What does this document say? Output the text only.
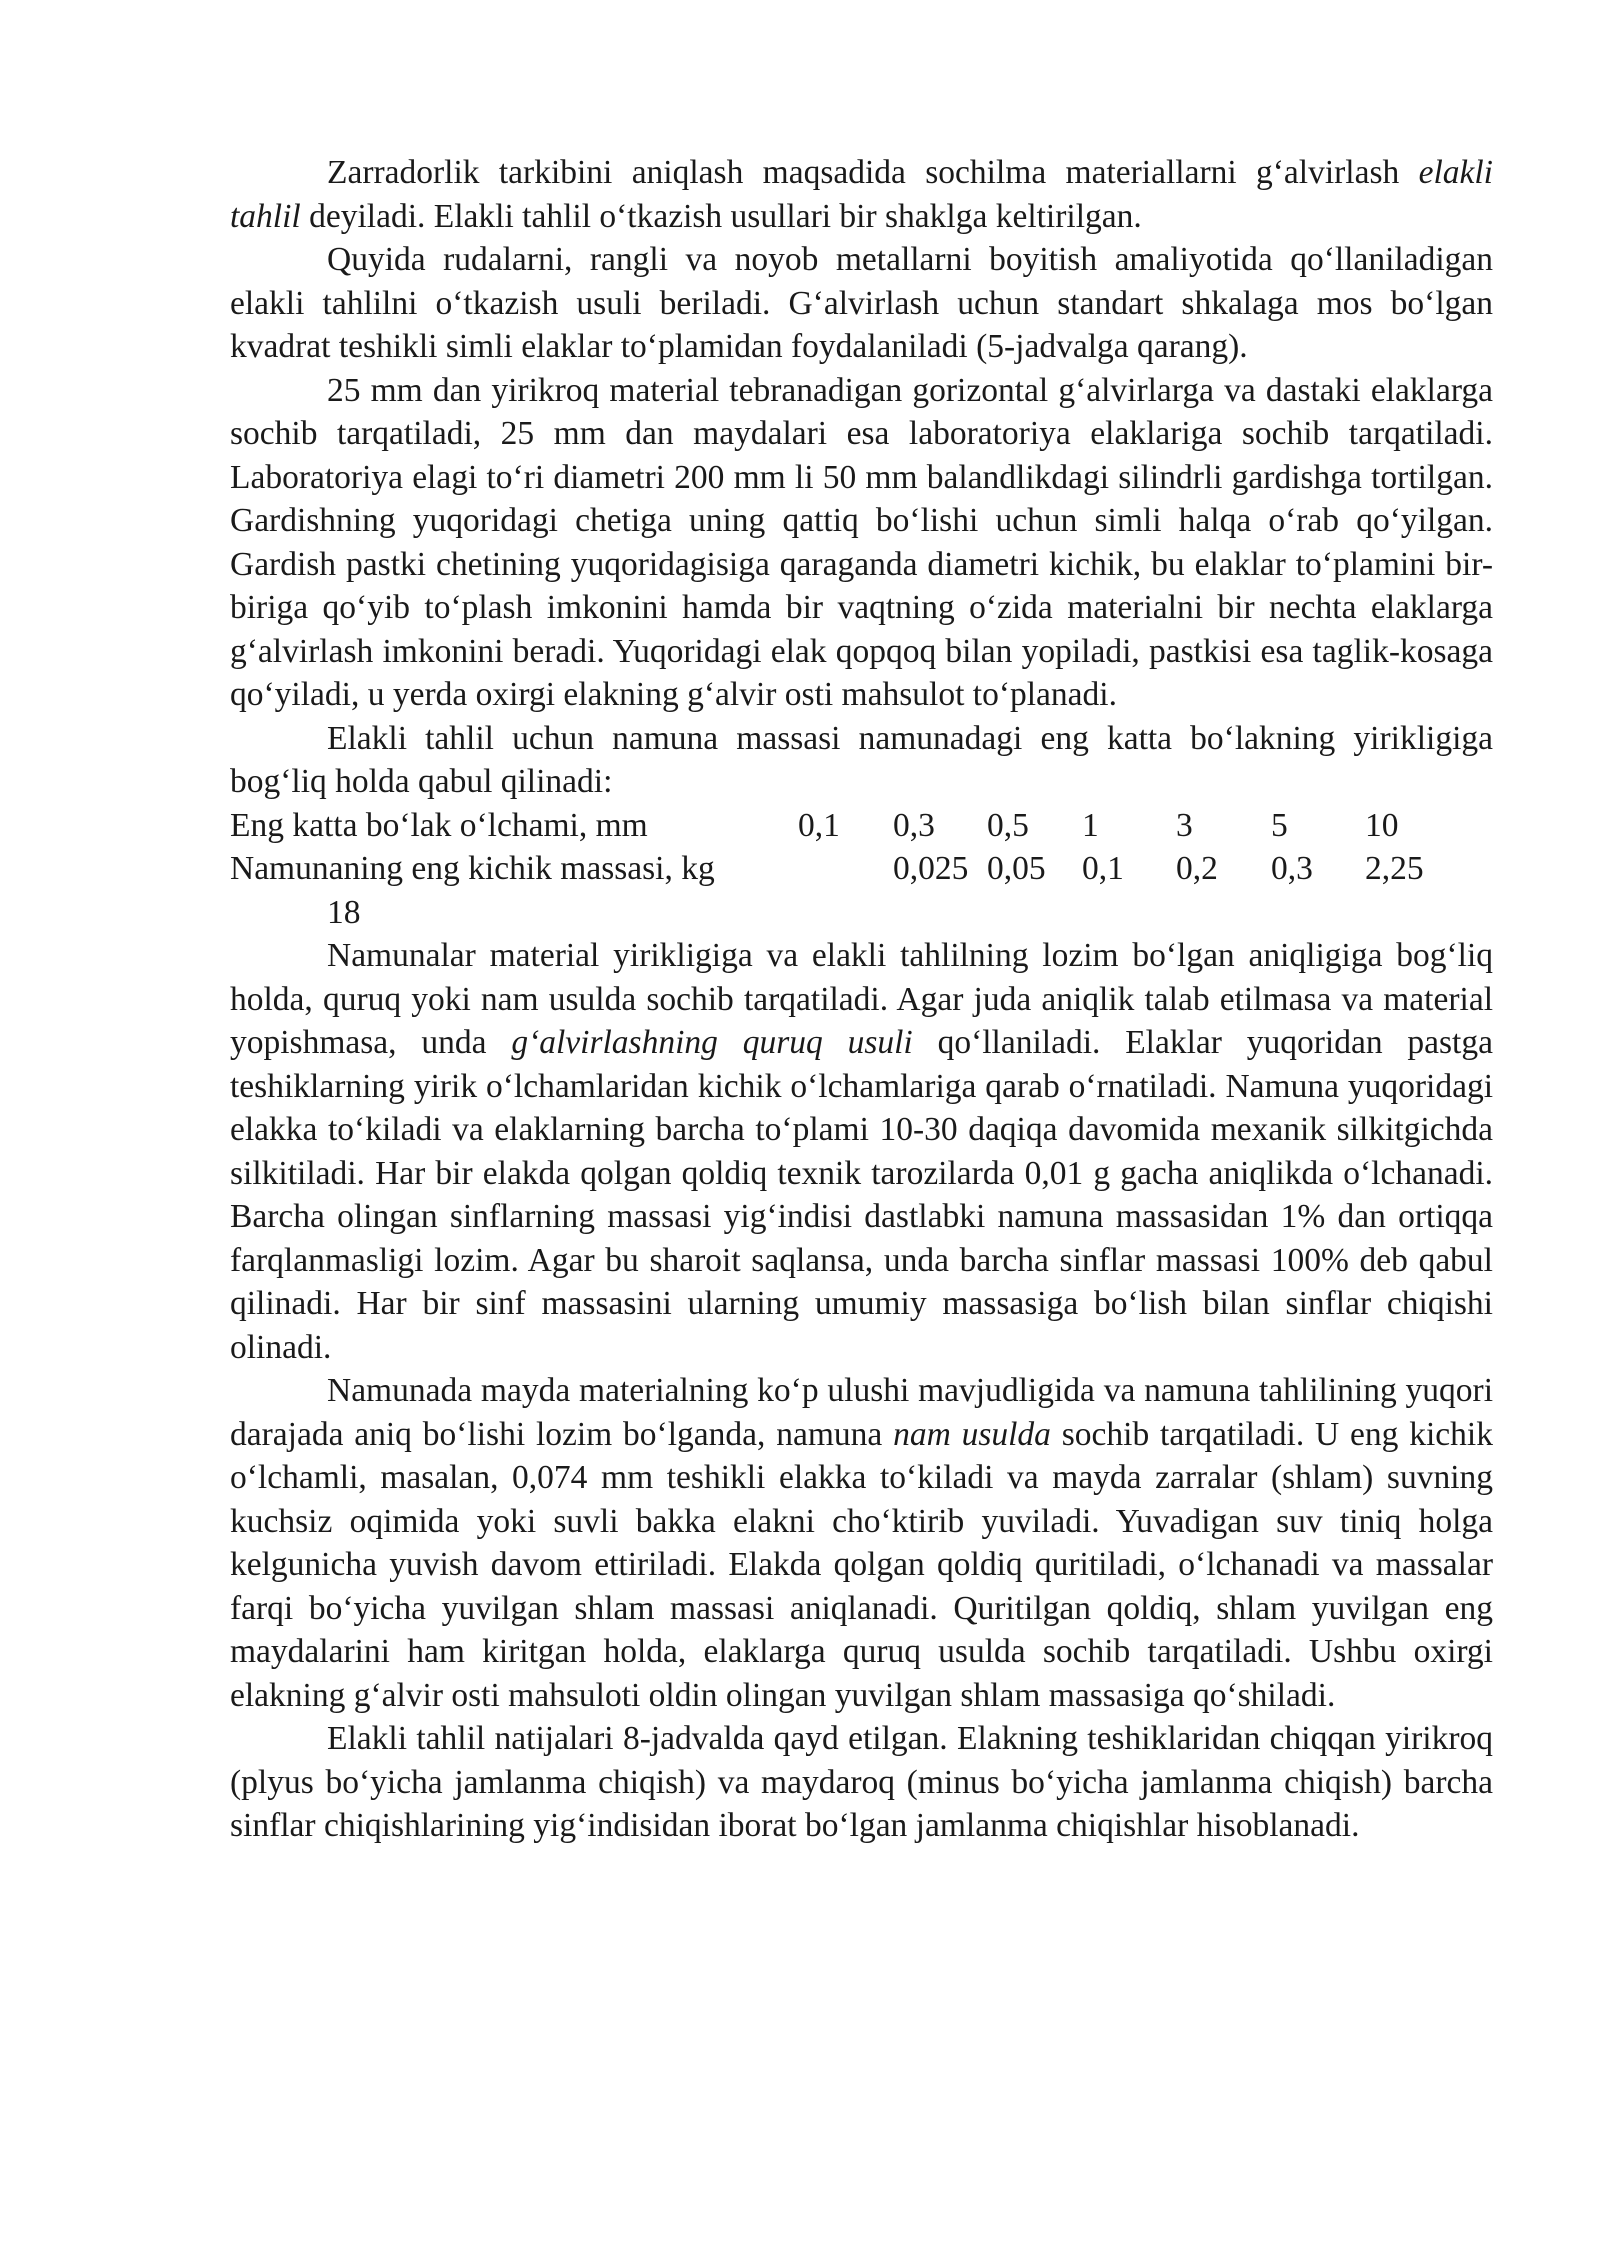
Zarradorlik tarkibini aniqlash maqsadida sochilma materiallarni g‘alvirlash elakli tahlil deyiladi. Elakli tahlil o‘tkazish usullari bir shaklga keltirilgan.

Quyida rudalarni, rangli va noyob metallarni boyitish amaliyotida qo‘llaniladigan elakli tahlilni o‘tkazish usuli beriladi. G‘alvirlash uchun standart shkalaga mos bo‘lgan kvadrat teshikli simli elaklar to‘plamidan foydalaniladi (5-jadvalga qarang).

25 mm dan yirikroq material tebranadigan gorizontal g‘alvirlarga va dastaki elaklarga sochib tarqatiladi, 25 mm dan maydalari esa laboratoriya elaklariga sochib tarqatiladi. Laboratoriya elagi to‘ri diametri 200 mm li 50 mm balandlikdagi silindrli gardishga tortilgan. Gardishning yuqoridagi chetiga uning qattiq bo‘lishi uchun simli halqa o‘rab qo‘yilgan. Gardish pastki chetining yuqoridagisiga qaraganda diametri kichik, bu elaklar to‘plamini bir-biriga qo‘yib to‘plash imkonini hamda bir vaqtning o‘zida materialni bir nechta elaklarga g‘alvirlash imkonini beradi. Yuqoridagi elak qopqoq bilan yopiladi, pastkisi esa taglik-kosaga qo‘yiladi, u yerda oxirgi elakning g‘alvir osti mahsulot to‘planadi.

Elakli tahlil uchun namuna massasi namunadagi eng katta bo‘lakning yirikligiga bog‘liq holda qabul qilinadi:

Eng katta bo‘lak o‘lchami, mm	0,1 0,3 0,5 1 3 5 10
Namunaning eng kichik massasi, kg	0,025 0,05 0,1 0,2 0,3 2,25
18

Namunalar material yirikligiga va elakli tahlilning lozim bo‘lgan aniqligiga bog‘liq holda, quruq yoki nam usulda sochib tarqatiladi. Agar juda aniqlik talab etilmasa va material yopishmasa, unda g‘alvirlashning quruq usuli qo‘llaniladi. Elaklar yuqoridan pastga teshiklarning yirik o‘lchamlaridan kichik o‘lchamlariga qarab o‘rnatiladi. Namuna yuqoridagi elakka to‘kiladi va elaklarning barcha to‘plami 10-30 daqiqa davomida mexanik silkitgichda silkitiladi. Har bir elakda qolgan qoldiq texnik tarozilarda 0,01 g gacha aniqlikda o‘lchanadi. Barcha olingan sinflarning massasi yig‘indisi dastlabki namuna massasidan 1% dan ortiqqa farqlanmasligi lozim. Agar bu sharoit saqlansa, unda barcha sinflar massasi 100% deb qabul qilinadi. Har bir sinf massasini ularning umumiy massasiga bo‘lish bilan sinflar chiqishi olinadi.

Namunada mayda materialning ko‘p ulushi mavjudligida va namuna tahlilining yuqori darajada aniq bo‘lishi lozim bo‘lganda, namuna nam usulda sochib tarqatiladi. U eng kichik o‘lchamli, masalan, 0,074 mm teshikli elakka to‘kiladi va mayda zarralar (shlam) suvning kuchsiz oqimida yoki suvli bakka elakni cho‘ktirib yuviladi. Yuvadigan suv tiniq holga kelgunicha yuvish davom ettiriladi. Elakda qolgan qoldiq quritiladi, o‘lchanadi va massalar farqi bo‘yicha yuvilgan shlam massasi aniqlanadi. Quritilgan qoldiq, shlam yuvilgan eng maydalarini ham kiritgan holda, elaklarga quruq usulda sochib tarqatiladi. Ushbu oxirgi elakning g‘alvir osti mahsuloti oldin olingan yuvilgan shlam massasiga qo‘shiladi.

Elakli tahlil natijalari 8-jadvalda qayd etilgan. Elakning teshiklaridan chiqqan yirikroq (plyus bo‘yicha jamlanma chiqish) va maydaroq (minus bo‘yicha jamlanma chiqish) barcha sinflar chiqishlarining yig‘indisidan iborat bo‘lgan jamlanma chiqishlar hisoblanadi.
